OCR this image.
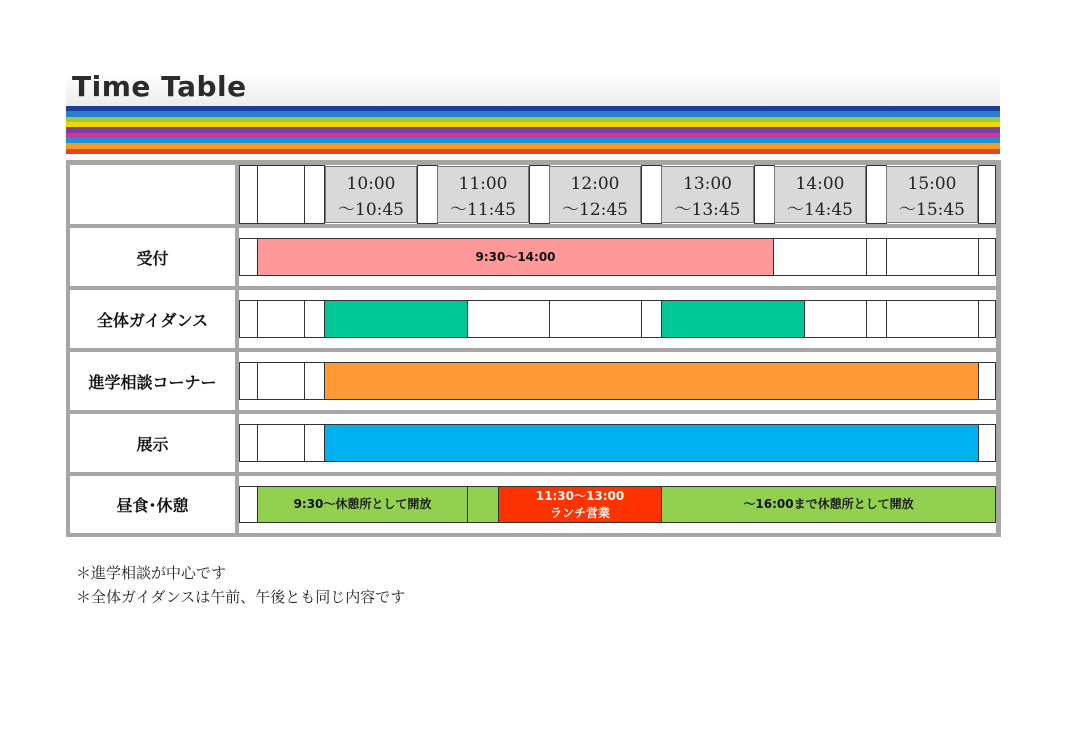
Time Table
10:00
〜10:45
11:00
〜11:45
12:00
〜12:45
13:00
〜13:45
14:00
〜14:45
15:00
〜15:45
受付
全体ガイダンス
進学相談コーナー
展示
昼食･休憩
9:30〜14:00
9:30〜休憩所として開放
11:30〜13:00
ランチ営業
〜16:00まで休憩所として開放
＊進学相談が中心です
＊全体ガイダンスは午前、午後とも同じ内容です
